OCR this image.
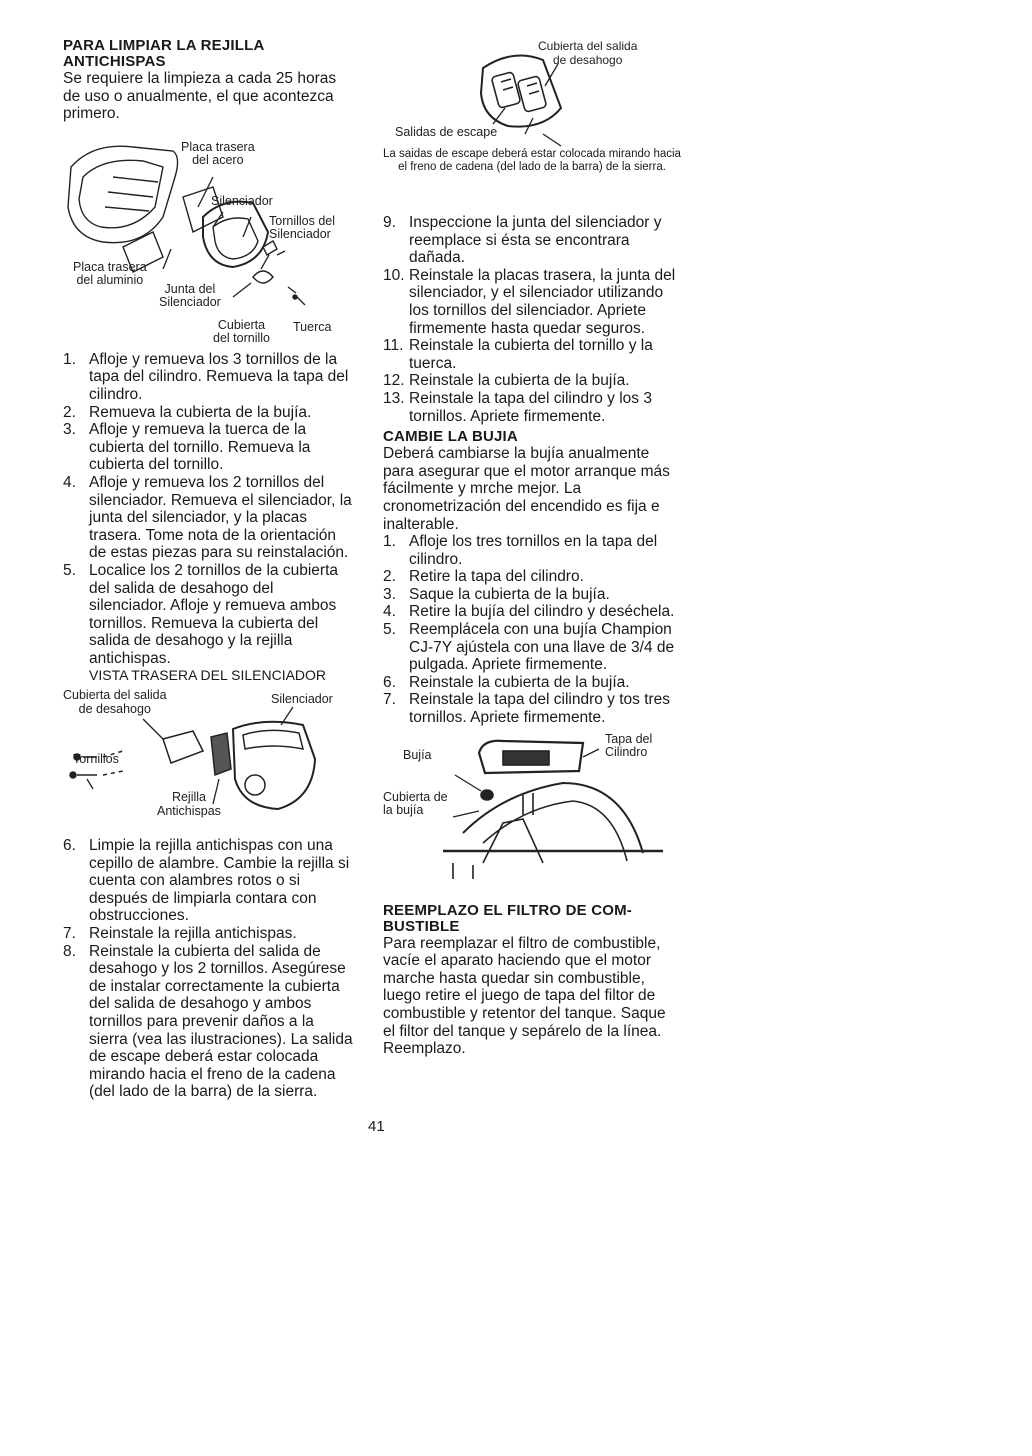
PARA LIMPIAR LA REJILLA
ANTICHISPAS

Se requiere la limpieza a cada 25 horas de uso o anualmente, el que acontezca primero.

Placa trasera
del acero
Silenciador
Tornillos del
Silenciador
Placa trasera
del aluminio
Junta del
Silenciador
Cubierta
del tornillo
Tuerca
1. Afloje y remueva los 3 tornillos de la tapa del cilindro. Remueva la tapa del cilindro.
2. Remueva la cubierta de la bujía.
3. Afloje y remueva la tuerca de la cubierta del tornillo. Remueva la cubierta del tornillo.
4. Afloje y remueva los 2 tornillos del silenciador. Remueva el silenciador, la junta del silenciador, y la placas trasera. Tome nota de la orientación de estas piezas para su reinstalación.
5. Localice los 2 tornillos de la cubierta del salida de desahogo del silenciador. Afloje y remueva ambos tornillos. Remueva la cubierta del salida de desahogo y la rejilla antichispas.
VISTA TRASERA DEL SILENCIADOR
Cubierta del salida
de desahogo
Silenciador
Tornillos
Rejilla
Antichispas
6. Limpie la rejilla antichispas con una cepillo de alambre. Cambie la rejilla si cuenta con alambres rotos o si después de limpiarla contara con obstrucciones.
7. Reinstale la rejilla antichispas.
8. Reinstale la cubierta del salida de desahogo y los 2 tornillos. Asegúrese de instalar correctamente la cubierta del salida de desahogo y ambos tornillos para prevenir daños a la sierra (vea las ilustraciones). La salida de escape deberá estar colocada mirando hacia el freno de la cadena (del lado de la barra) de la sierra.
Cubierta del salida
de desahogo
Salidas de escape
La saidas de escape deberá estar colocada mirando hacia el freno de cadena (del lado de la barra) de la sierra.
9. Inspeccione la junta del silenciador y reemplace si ésta se encontrara dañada.
10. Reinstale la placas trasera, la junta del silenciador, y el silenciador utilizando los tornillos del silenciador. Apriete firmemente hasta quedar seguros.
11. Reinstale la cubierta del tornillo y la tuerca.
12. Reinstale la cubierta de la bujía.
13. Reinstale la tapa del cilindro y los 3 tornillos. Apriete firmemente.
CAMBIE LA BUJIA

Deberá cambiarse la bujía anualmente para asegurar que el motor arranque más fácilmente y mrche mejor. La cronometrización del encendido es fija e inalterable.

1. Afloje los tres tornillos en la tapa del cilindro.
2. Retire la tapa del cilindro.
3. Saque la cubierta de la bujía.
4. Retire la bujía del cilindro y deséchela.
5. Reemplácela con una bujía Champion CJ-7Y ajústela con una llave de 3/4 de pulgada. Apriete firmemente.
6. Reinstale la cubierta de la bujía.
7. Reinstale la tapa del cilindro y tos tres tornillos. Apriete firmemente.
Tapa del
Cilindro
Bujía
Cubierta de
la bujía
REEMPLAZO EL FILTRO DE COM-
BUSTIBLE

Para reemplazar el filtro de combustible, vacíe el aparato haciendo que el motor marche hasta quedar sin combustible, luego retire el juego de tapa del filtor de combustible y retentor del tanque. Saque el filtor del tanque y sepárelo de la línea. Reemplazo.

41
